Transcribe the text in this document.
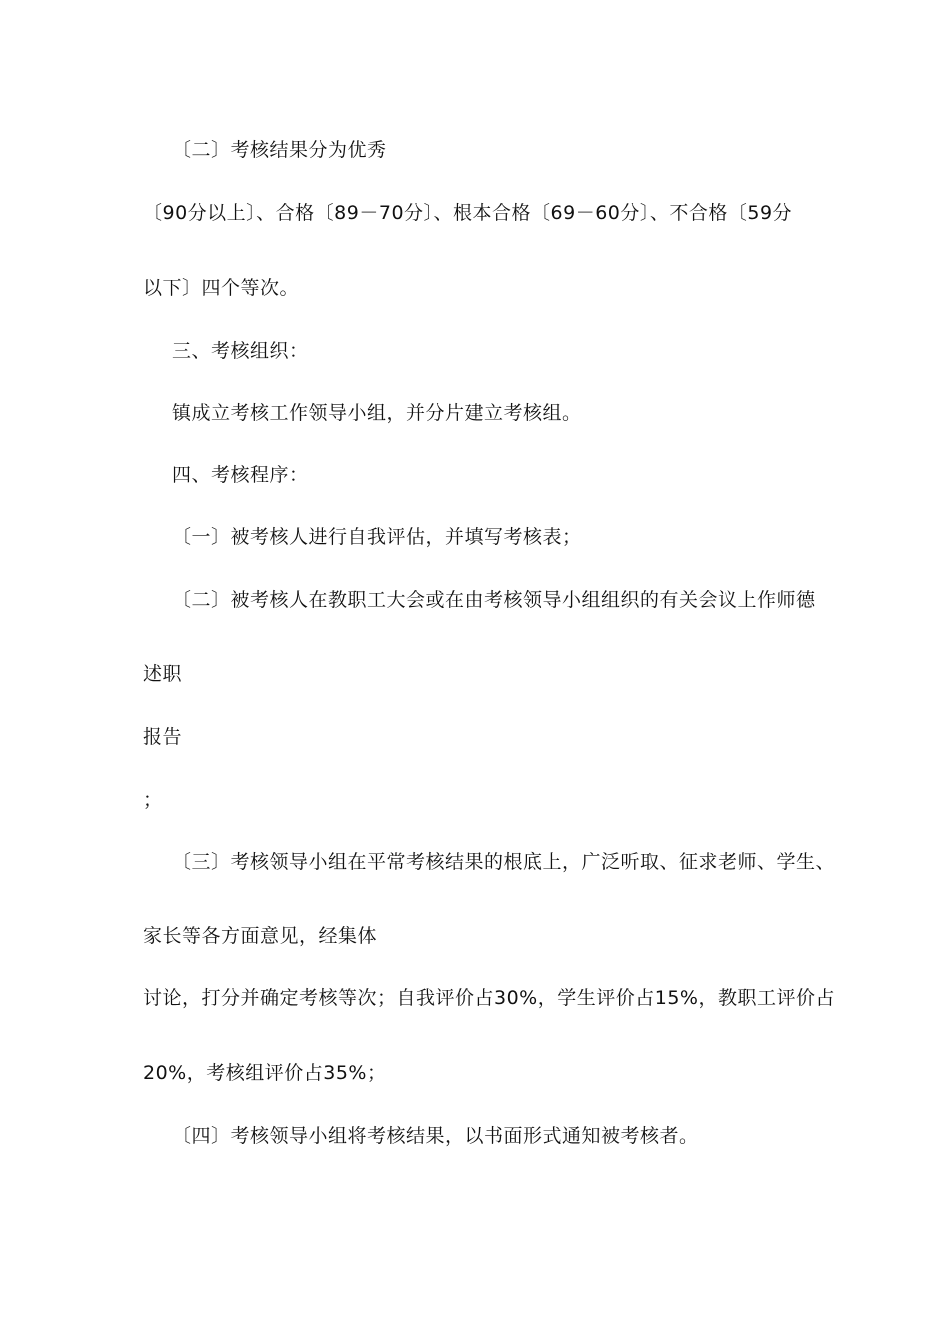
〔二〕考核结果分为优秀

〔90分以上〕、合格〔89－70分〕、根本合格〔69－60分〕、不合格〔59分

以下〕四个等次。

三、考核组织：

镇成立考核工作领导小组，并分片建立考核组。

四、考核程序：

〔一〕被考核人进行自我评估，并填写考核表；

〔二〕被考核人在教职工大会或在由考核领导小组组织的有关会议上作师德

述职

报告

；

〔三〕考核领导小组在平常考核结果的根底上，广泛听取、征求老师、学生、

家长等各方面意见，经集体

讨论，打分并确定考核等次；自我评价占30%，学生评价占15%，教职工评价占

20%，考核组评价占35%；

〔四〕考核领导小组将考核结果，以书面形式通知被考核者。
